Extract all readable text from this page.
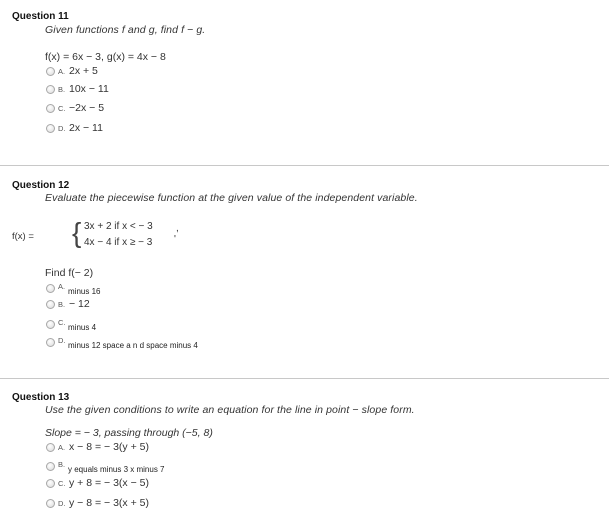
Question 11
Given functions f and g, find f − g.
f(x) = 6x − 3, g(x) = 4x − 8
A. 2x + 5
B. 10x − 11
C. −2x − 5
D. 2x − 11
Question 12
Evaluate the piecewise function at the given value of the independent variable.
f(x) = { 3x + 2 if x < − 3 ,
4x − 4 if x ≥ − 3 '
Find f(− 2)
A.
minus 16
B. − 12
C.
minus 4
D.
minus 12 space a n d space minus 4
Question 13
Use the given conditions to write an equation for the line in point − slope form.
Slope = − 3, passing through (−5, 8)
A. x − 8 = − 3(y + 5)
B.
y equals minus 3 x minus 7
C. y + 8 = − 3(x − 5)
D. y − 8 = − 3(x + 5)
